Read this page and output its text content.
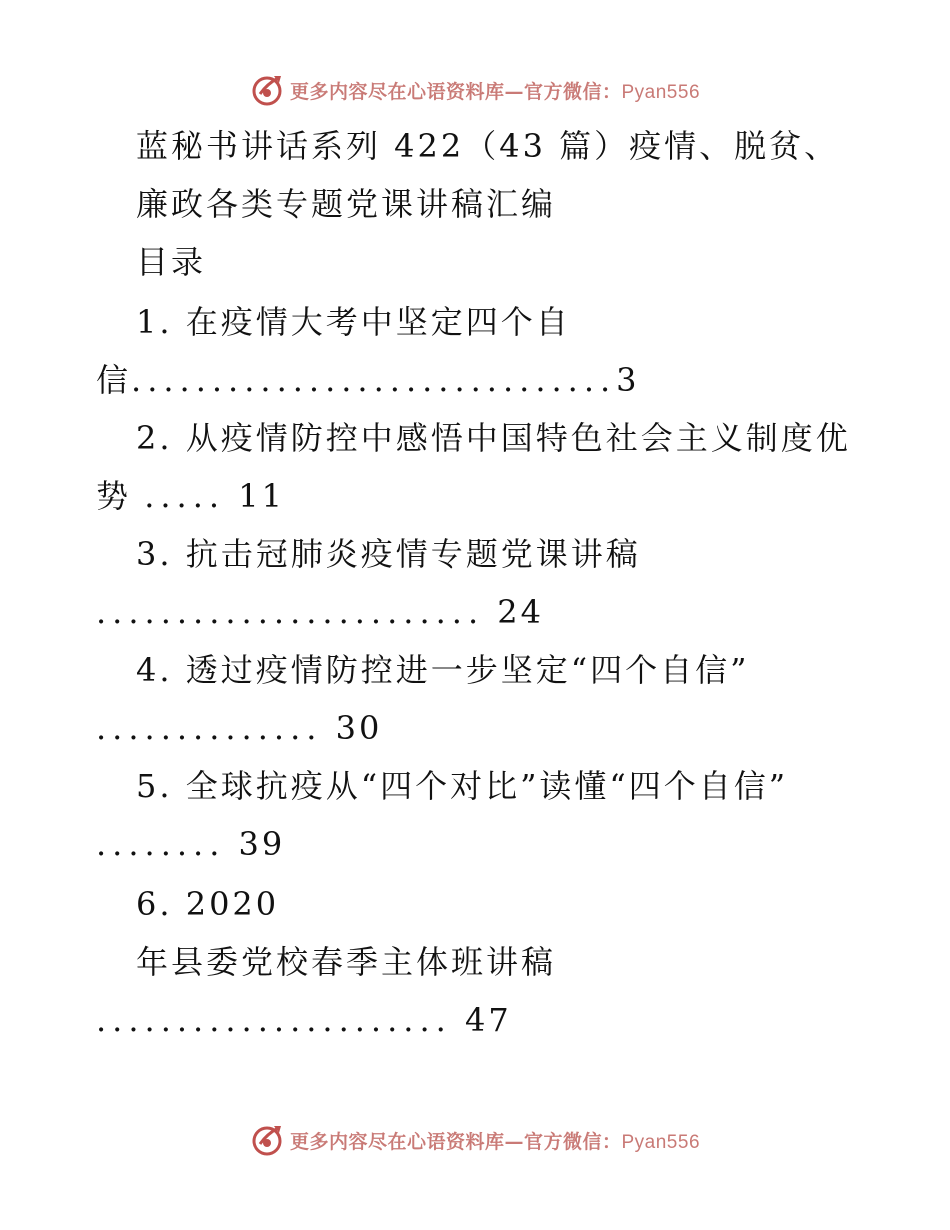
更多内容尽在心语资料库—官方微信：Pyan556
蓝秘书讲话系列 422（43 篇）疫情、脱贫、
廉政各类专题党课讲稿汇编
目录
1. 在疫情大考中坚定四个自
信..............................3
2. 从疫情防控中感悟中国特色社会主义制度优
势 ..... 11
3. 抗击冠肺炎疫情专题党课讲稿
........................ 24
4. 透过疫情防控进一步坚定“四个自信”
.............. 30
5. 全球抗疫从“四个对比”读懂“四个自信”
........ 39
6. 2020
年县委党校春季主体班讲稿
...................... 47
更多内容尽在心语资料库—官方微信：Pyan556
